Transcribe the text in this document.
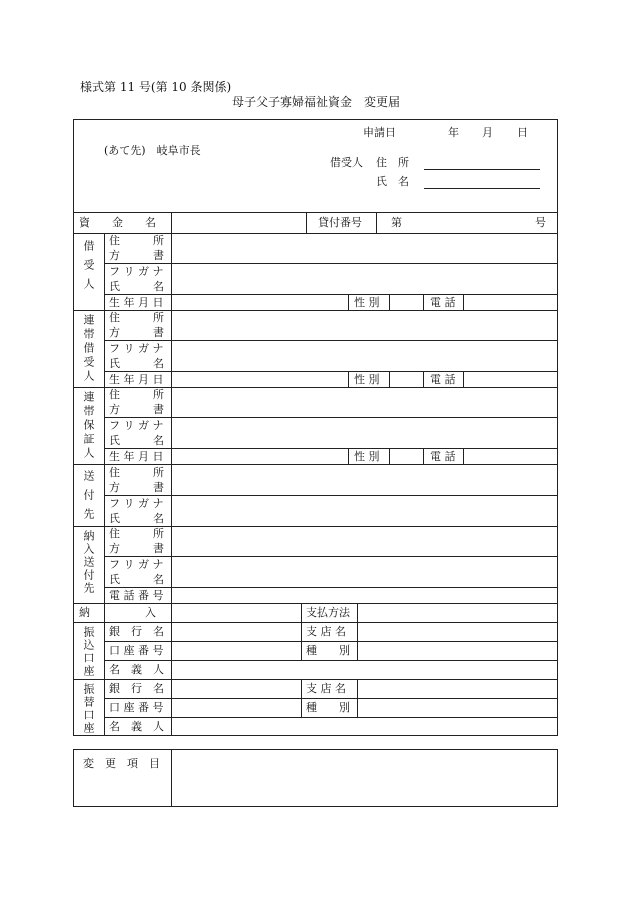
様式第 11 号(第 10 条関係)
母子父子寡婦福祉資金　変更届
(あて先)　岐阜市長
申請日	年 月 日
借受人 住　所
氏　名
資　　金　　名	貸付番号	第	号
借受人 住　　　所
方　　　書
フ リ ガ ナ
氏　　　名
生 年 月 日	性 別	電 話
連帯借受人 住　　　所
方　　　書
フ リ ガ ナ
氏　　　名
生 年 月 日	性 別	電 話
連帯保証人 住　　　所
方　　　書
フ リ ガ ナ
氏　　　名
生 年 月 日	性 別	電 話
送付先 住　　　所
方　　　書
フ リ ガ ナ
氏　　　名
納入送付先 住　　　所
方　　　書
フ リ ガ ナ
氏　　　名
電 話 番 号
納　　　　　入	支払方法
振込口座 銀　行　名	支 店 名
口 座 番 号	種　　別
名　義　人
振替口座 銀　行　名	支 店 名
口 座 番 号	種　　別
名　義　人
変　更　項　目
